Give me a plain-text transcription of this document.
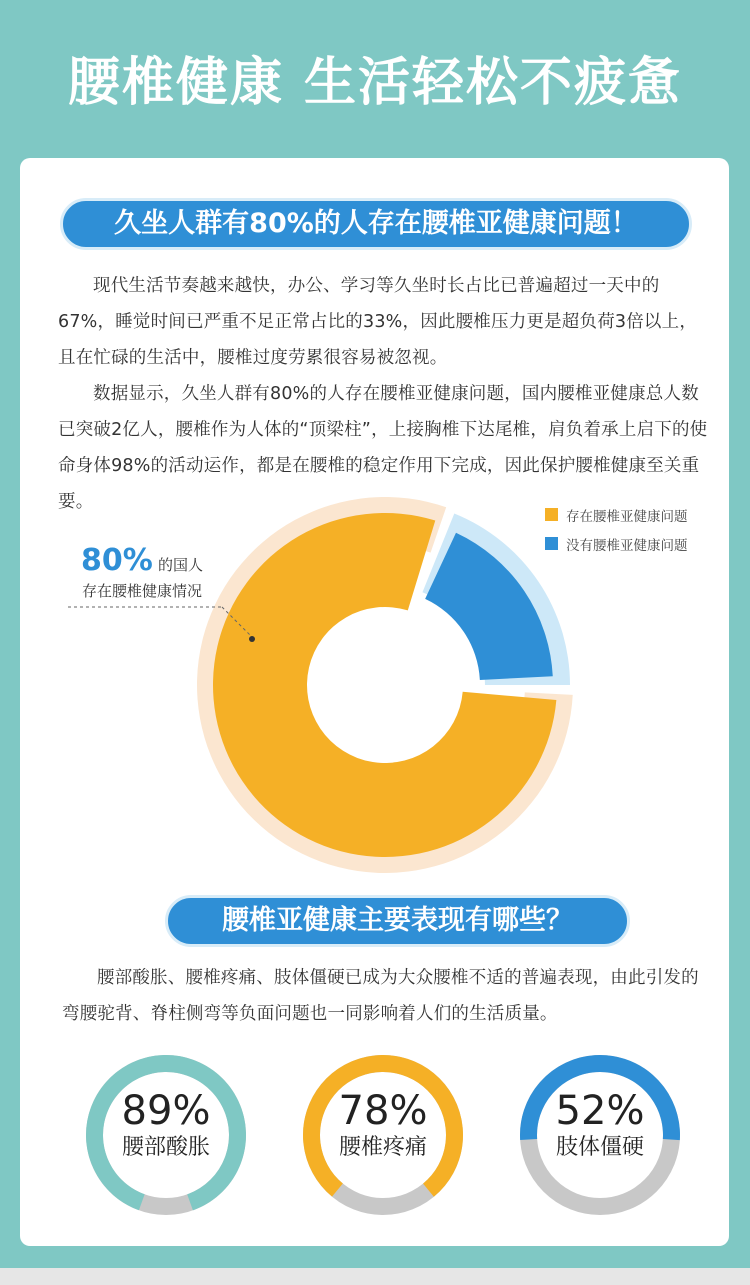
腰椎健康 生活轻松不疲惫
久坐人群有80%的人存在腰椎亚健康问题！

现代生活节奏越来越快，办公、学习等久坐时长占比已普遍超过一天中的67%，睡觉时间已严重不足正常占比的33%，因此腰椎压力更是超负荷3倍以上，且在忙碌的生活中，腰椎过度劳累很容易被忽视。

数据显示，久坐人群有80%的人存在腰椎亚健康问题，国内腰椎亚健康总人数已突破2亿人，腰椎作为人体的“顶梁柱”，上接胸椎下达尾椎，肩负着承上启下的使命身体98%的活动运作，都是在腰椎的稳定作用下完成，因此保护腰椎健康至关重要。

存在腰椎亚健康问题
没有腰椎亚健康问题
80% 的国人
存在腰椎健康情况
腰椎亚健康主要表现有哪些？

腰部酸胀、腰椎疼痛、肢体僵硬已成为大众腰椎不适的普遍表现，由此引发的弯腰驼背、脊柱侧弯等负面问题也一同影响着人们的生活质量。

89%
腰部酸胀
78%
腰椎疼痛
52%
肢体僵硬
